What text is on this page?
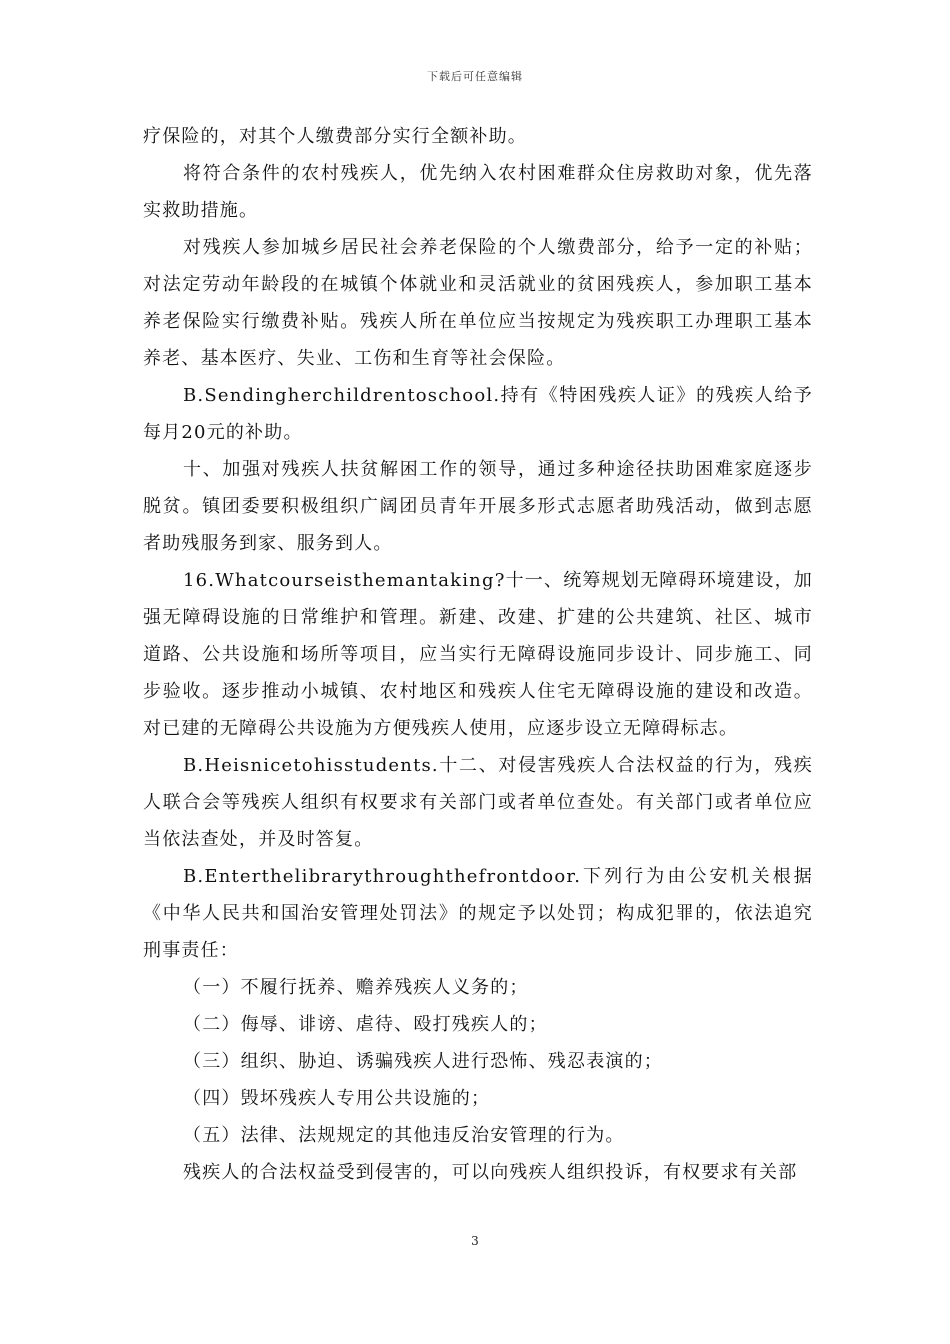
下载后可任意编辑

疗保险的，对其个人缴费部分实行全额补助。

将符合条件的农村残疾人，优先纳入农村困难群众住房救助对象，优先落实救助措施。

对残疾人参加城乡居民社会养老保险的个人缴费部分，给予一定的补贴；对法定劳动年龄段的在城镇个体就业和灵活就业的贫困残疾人，参加职工基本养老保险实行缴费补贴。残疾人所在单位应当按规定为残疾职工办理职工基本养老、基本医疗、失业、工伤和生育等社会保险。

B.Sendingherchildrentoschool.持有《特困残疾人证》的残疾人给予每月20元的补助。

十、加强对残疾人扶贫解困工作的领导，通过多种途径扶助困难家庭逐步脱贫。镇团委要积极组织广阔团员青年开展多形式志愿者助残活动，做到志愿者助残服务到家、服务到人。

16.Whatcourseisthemantaking?十一、统筹规划无障碍环境建设，加强无障碍设施的日常维护和管理。新建、改建、扩建的公共建筑、社区、城市道路、公共设施和场所等项目，应当实行无障碍设施同步设计、同步施工、同步验收。逐步推动小城镇、农村地区和残疾人住宅无障碍设施的建设和改造。对已建的无障碍公共设施为方便残疾人使用，应逐步设立无障碍标志。

B.Heisnicetohisstudents.十二、对侵害残疾人合法权益的行为，残疾人联合会等残疾人组织有权要求有关部门或者单位查处。有关部门或者单位应当依法查处，并及时答复。

B.Enterthelibrarythroughthefrontdoor.下列行为由公安机关根据《中华人民共和国治安管理处罚法》的规定予以处罚；构成犯罪的，依法追究刑事责任：

（一）不履行抚养、赡养残疾人义务的；

（二）侮辱、诽谤、虐待、殴打残疾人的；

（三）组织、胁迫、诱骗残疾人进行恐怖、残忍表演的；

（四）毁坏残疾人专用公共设施的；

（五）法律、法规规定的其他违反治安管理的行为。

残疾人的合法权益受到侵害的，可以向残疾人组织投诉，有权要求有关部

3
